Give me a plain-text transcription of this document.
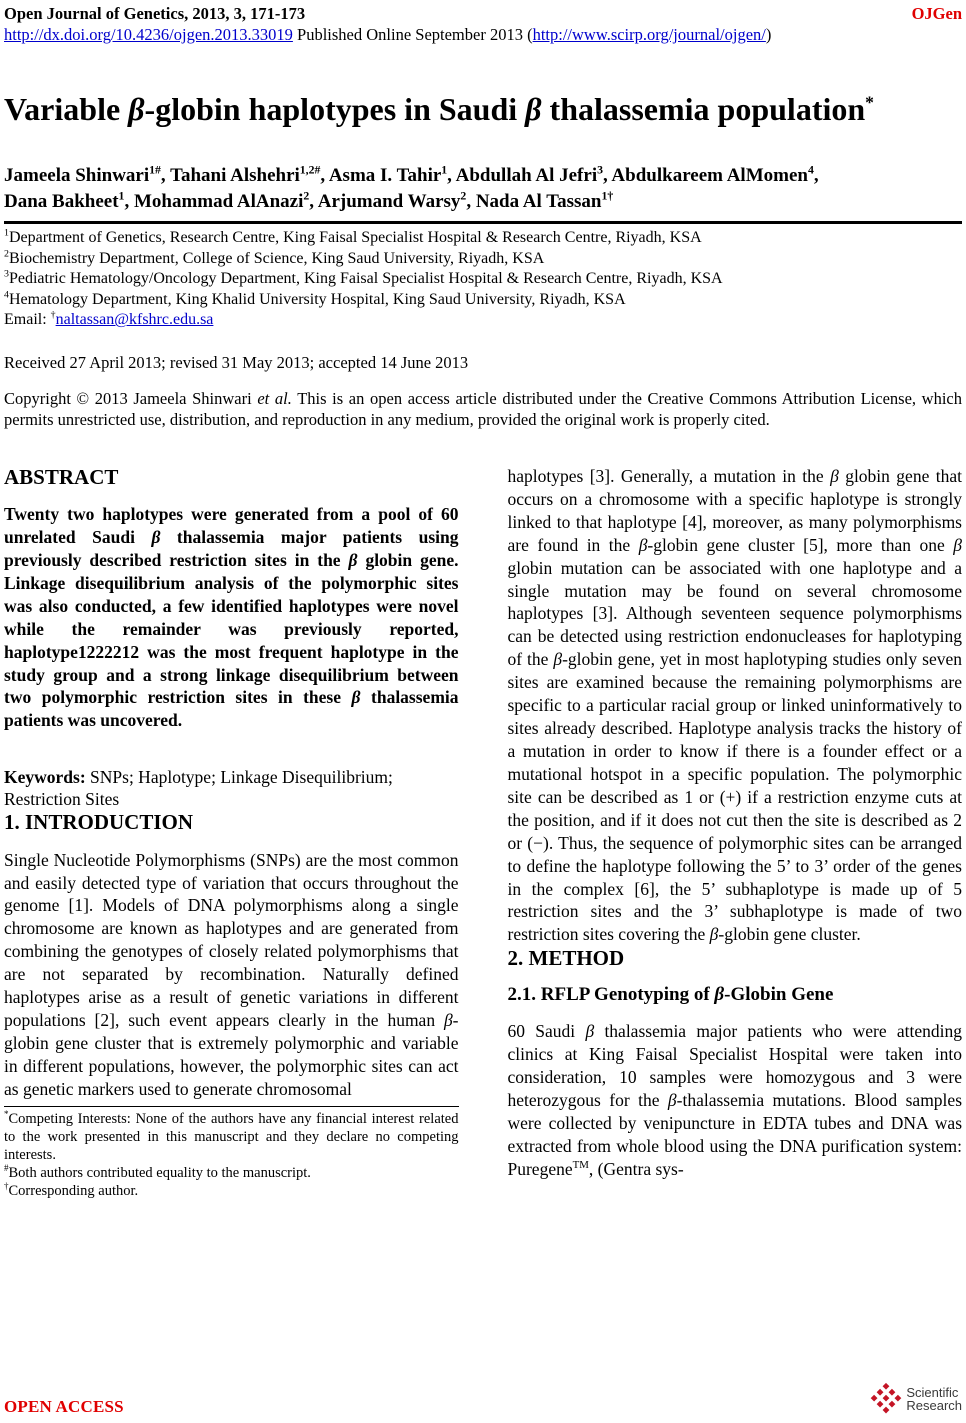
Open Journal of Genetics, 2013, 3, 171-173
http://dx.doi.org/10.4236/ojgen.2013.33019 Published Online September 2013 (http://www.scirp.org/journal/ojgen/)
OJGen
Variable β-globin haplotypes in Saudi β thalassemia population*
Jameela Shinwari$^{1\#}$, Tahani Alshehri$^{1,2\#}$, Asma I. Tahir$^1$, Abdullah Al Jefri$^3$, Abdulkareem AlMomen$^4$,
Dana Bakheet$^1$, Mohammad AlAnazi$^2$, Arjumand Warsy$^2$, Nada Al Tassan$^{1\dagger}$
$^1$Department of Genetics, Research Centre, King Faisal Specialist Hospital & Research Centre, Riyadh, KSA
$^2$Biochemistry Department, College of Science, King Saud University, Riyadh, KSA
$^3$Pediatric Hematology/Oncology Department, King Faisal Specialist Hospital & Research Centre, Riyadh, KSA
$^4$Hematology Department, King Khalid University Hospital, King Saud University, Riyadh, KSA
Email: †naltassan@kfshrc.edu.sa
Received 27 April 2013; revised 31 May 2013; accepted 14 June 2013

Copyright © 2013 Jameela Shinwari et al. This is an open access article distributed under the Creative Commons Attribution License, which permits unrestricted use, distribution, and reproduction in any medium, provided the original work is properly cited.

ABSTRACT

Twenty two haplotypes were generated from a pool of 60 unrelated Saudi β thalassemia major patients using previously described restriction sites in the β globin gene. Linkage disequilibrium analysis of the polymorphic sites was also conducted, a few identified haplotypes were novel while the remainder was previously reported, haplotype1222212 was the most frequent haplotype in the study group and a strong linkage disequilibrium between two polymorphic restriction sites in these β thalassemia patients was uncovered.

Keywords: SNPs; Haplotype; Linkage Disequilibrium; Restriction Sites
1. INTRODUCTION

Single Nucleotide Polymorphisms (SNPs) are the most common and easily detected type of variation that occurs throughout the genome [1]. Models of DNA polymorphisms along a single chromosome are known as haplotypes and are generated from combining the genotypes of closely related polymorphisms that are not separated by recombination. Naturally defined haplotypes arise as a result of genetic variations in different populations [2], such event appears clearly in the human β-globin gene cluster that is extremely polymorphic and variable in different populations, however, the polymorphic sites can act as genetic markers used to generate chromosomal

*Competing Interests: None of the authors have any financial interest related to the work presented in this manuscript and they declare no competing interests.
#Both authors contributed equality to the manuscript.
†Corresponding author.

haplotypes [3]. Generally, a mutation in the β globin gene that occurs on a chromosome with a specific haplotype is strongly linked to that haplotype [4], moreover, as many polymorphisms are found in the β-globin gene cluster [5], more than one β globin mutation can be associated with one haplotype and a single mutation may be found on several chromosome haplotypes [3]. Although seventeen sequence polymorphisms can be detected using restriction endonucleases for haplotyping of the β-globin gene, yet in most haplotyping studies only seven sites are examined because the remaining polymorphisms are specific to a particular racial group or linked uninformatively to sites already described. Haplotype analysis tracks the history of a mutation in order to know if there is a founder effect or a mutational hotspot in a specific population. The polymorphic site can be described as 1 or (+) if a restriction enzyme cuts at the position, and if it does not cut then the site is described as 2 or (−). Thus, the sequence of polymorphic sites can be arranged to define the haplotype following the 5’ to 3’ order of the genes in the complex [6], the 5’ subhaplotype is made up of 5 restriction sites and the 3’ subhaplotype is made of two restriction sites covering the β-globin gene cluster.

2. METHOD
2.1. RFLP Genotyping of β-Globin Gene

60 Saudi β thalassemia major patients who were attending clinics at King Faisal Specialist Hospital were taken into consideration, 10 samples were homozygous and 3 were heterozygous for the β-thalassemia mutations. Blood samples were collected by venipuncture in EDTA tubes and DNA was extracted from whole blood using the DNA purification system: Puregene™, (Gentra sys-

OPEN ACCESS
Scientific
Research
